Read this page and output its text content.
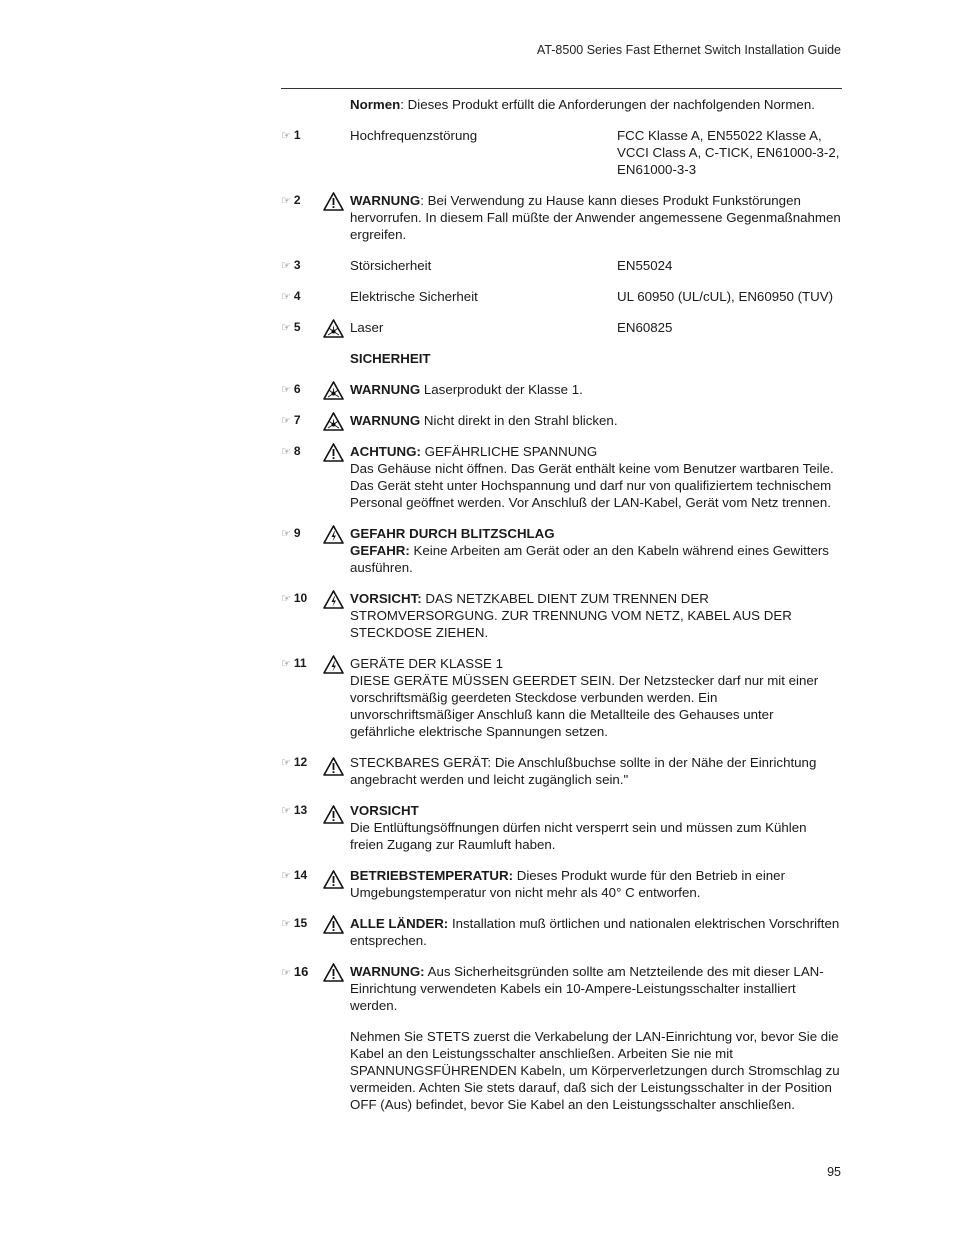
AT-8500 Series Fast Ethernet Switch Installation Guide
Normen: Dieses Produkt erfüllt die Anforderungen der nachfolgenden Normen.
☞ 1	Hochfrequenzstörung	FCC Klasse A, EN55022 Klasse A, VCCI Class A, C-TICK, EN61000-3-2, EN61000-3-3
☞ 2	WARNUNG: Bei Verwendung zu Hause kann dieses Produkt Funkstörungen hervorrufen. In diesem Fall müßte der Anwender angemessene Gegenmaßnahmen ergreifen.
☞ 3	Störsicherheit	EN55024
☞ 4	Elektrische Sicherheit	UL 60950 (UL/cUL), EN60950 (TUV)
☞ 5	Laser	EN60825
SICHERHEIT
☞ 6	WARNUNG Laserprodukt der Klasse 1.
☞ 7	WARNUNG Nicht direkt in den Strahl blicken.
☞ 8	ACHTUNG: GEFÄHRLICHE SPANNUNG
Das Gehäuse nicht öffnen. Das Gerät enthält keine vom Benutzer wartbaren Teile. Das Gerät steht unter Hochspannung und darf nur von qualifiziertem technischem Personal geöffnet werden. Vor Anschluß der LAN-Kabel, Gerät vom Netz trennen.
☞ 9	GEFAHR DURCH BLITZSCHLAG
GEFAHR: Keine Arbeiten am Gerät oder an den Kabeln während eines Gewitters ausführen.
☞ 10	VORSICHT: DAS NETZKABEL DIENT ZUM TRENNEN DER STROMVERSORGUNG. ZUR TRENNUNG VOM NETZ, KABEL AUS DER STECKDOSE ZIEHEN.
☞ 11	GERÄTE DER KLASSE 1
DIESE GERÄTE MÜSSEN GEERDET SEIN. Der Netzstecker darf nur mit einer vorschriftsmäßig geerdeten Steckdose verbunden werden. Ein unvorschriftsmäßiger Anschluß kann die Metallteile des Gehauses unter gefährliche elektrische Spannungen setzen.
☞ 12	STECKBARES GERÄT: Die Anschlußbuchse sollte in der Nähe der Einrichtung angebracht werden und leicht zugänglich sein."
☞ 13	VORSICHT
Die Entlüftungsöffnungen dürfen nicht versperrt sein und müssen zum Kühlen freien Zugang zur Raumluft haben.
☞ 14	BETRIEBSTEMPERATUR: Dieses Produkt wurde für den Betrieb in einer Umgebungstemperatur von nicht mehr als 40° C entworfen.
☞ 15	ALLE LÄNDER: Installation muß örtlichen und nationalen elektrischen Vorschriften entsprechen.
☞ 16	WARNUNG: Aus Sicherheitsgründen sollte am Netzteilende des mit dieser LAN-Einrichtung verwendeten Kabels ein 10-Ampere-Leistungsschalter installiert werden.
Nehmen Sie STETS zuerst die Verkabelung der LAN-Einrichtung vor, bevor Sie die Kabel an den Leistungsschalter anschließen. Arbeiten Sie nie mit SPANNUNGSFÜHRENDEN Kabeln, um Körperverletzungen durch Stromschlag zu vermeiden. Achten Sie stets darauf, daß sich der Leistungsschalter in der Position OFF (Aus) befindet, bevor Sie Kabel an den Leistungsschalter anschließen.
95
